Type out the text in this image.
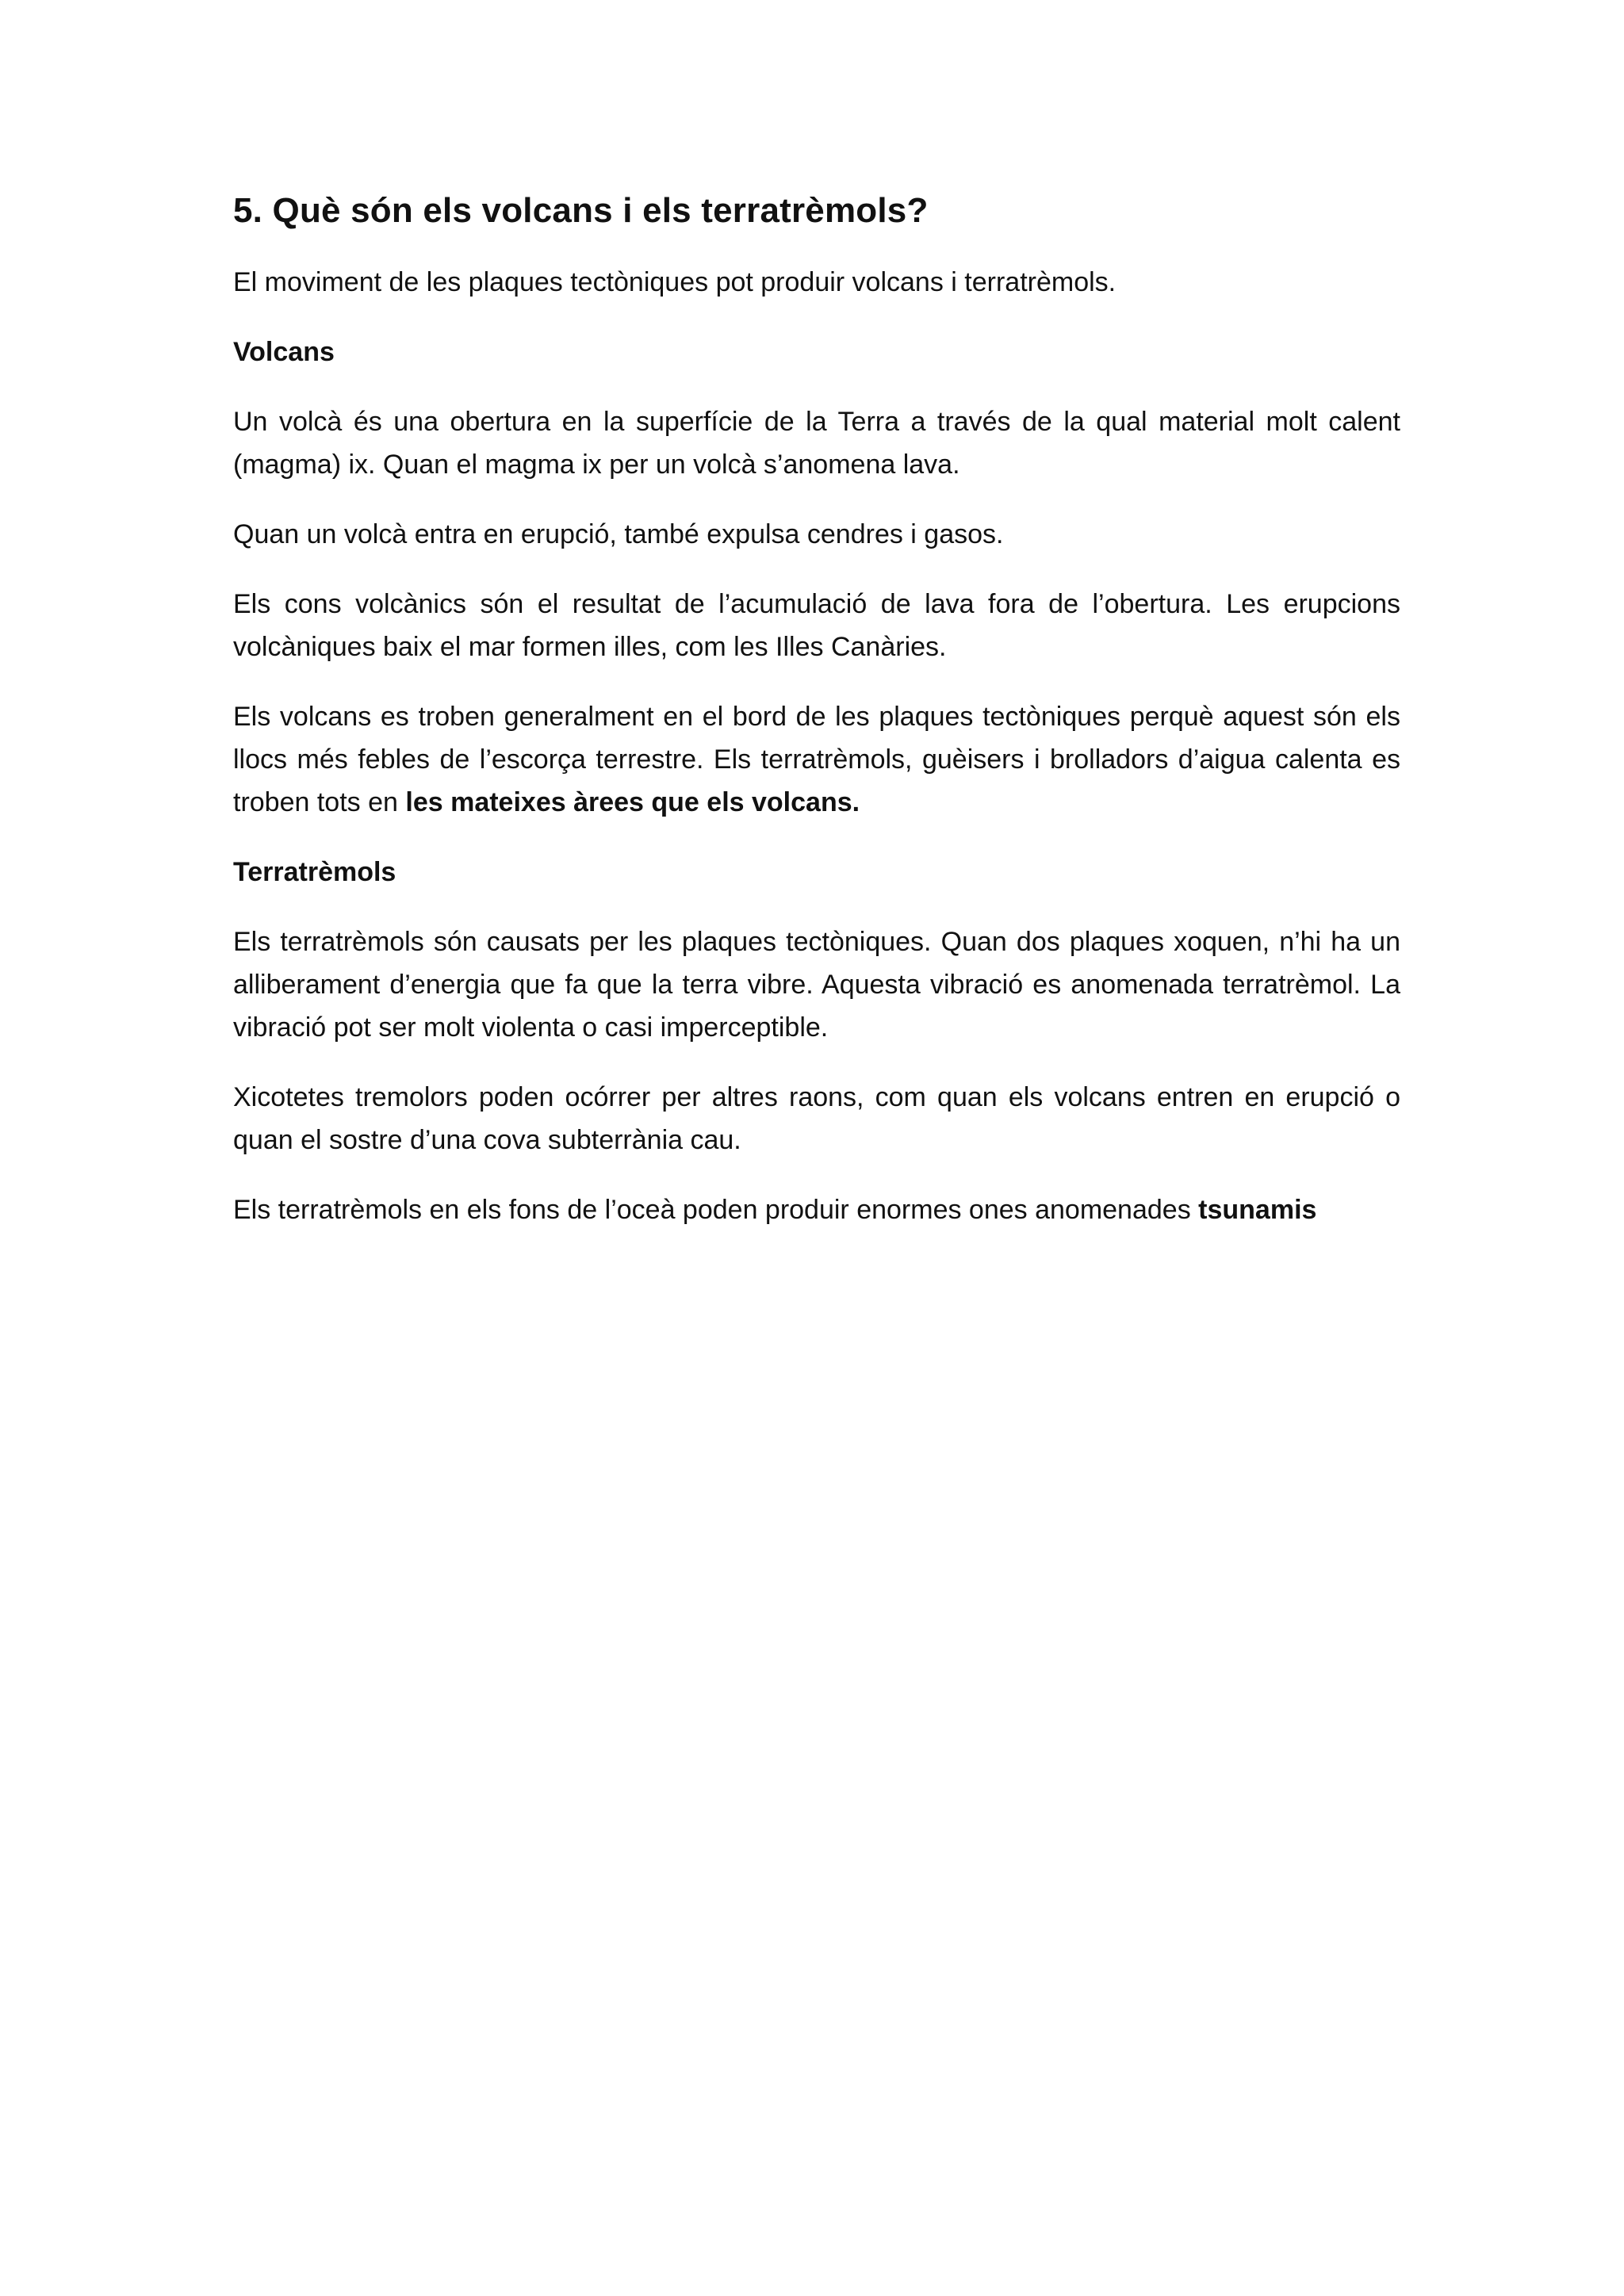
5. Què són els volcans i els terratrèmols?

El moviment de les plaques tectòniques pot produir volcans i terratrèmols.

Volcans

Un volcà és una obertura en la superfície de la Terra a través de la qual material molt calent (magma) ix. Quan el magma ix per un volcà s’anomena lava.

Quan un volcà entra en erupció, també expulsa cendres i gasos.

Els cons volcànics són el resultat de l’acumulació de lava fora de l’obertura. Les erupcions volcàniques baix el mar formen illes, com les Illes Canàries.

Els volcans es troben generalment en el bord de les plaques tectòniques perquè aquest són els llocs més febles de l’escorça terrestre. Els terratrèmols, guèisers i brolladors d’aigua calenta es troben tots en les mateixes àrees que els volcans.

Terratrèmols

Els terratrèmols són causats per les plaques tectòniques. Quan dos plaques xoquen, n’hi ha un alliberament d’energia que fa que la terra vibre. Aquesta vibració es anomenada terratrèmol. La vibració pot ser molt violenta o casi imperceptible.

Xicotetes tremolors poden ocórrer per altres raons, com quan els volcans entren en erupció o quan el sostre d’una cova subterrània cau.

Els terratrèmols en els fons de l’oceà poden produir enormes ones anomenades tsunamis
